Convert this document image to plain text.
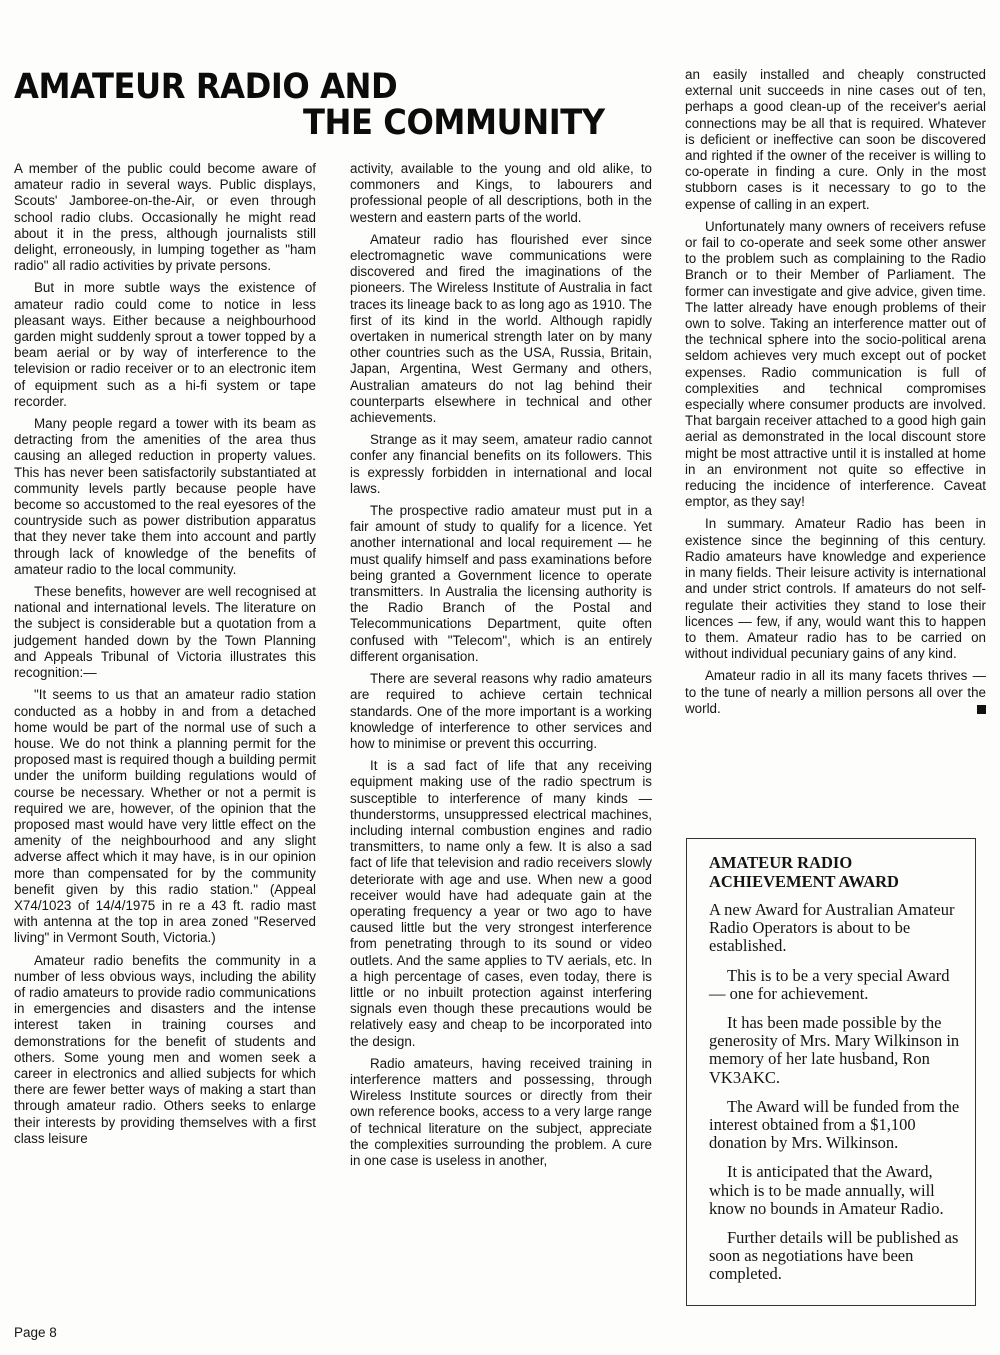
AMATEUR RADIO AND
THE COMMUNITY

A member of the public could become aware of amateur radio in several ways. Public displays, Scouts' Jamboree-on-the-Air, or even through school radio clubs. Occasionally he might read about it in the press, although journalists still delight, erroneously, in lumping together as "ham radio" all radio activities by private persons.

But in more subtle ways the existence of amateur radio could come to notice in less pleasant ways. Either because a neighbourhood garden might suddenly sprout a tower topped by a beam aerial or by way of interference to the television or radio receiver or to an electronic item of equipment such as a hi-fi system or tape recorder.

Many people regard a tower with its beam as detracting from the amenities of the area thus causing an alleged reduction in property values. This has never been satisfactorily substantiated at community levels partly because people have become so accustomed to the real eyesores of the countryside such as power distribution apparatus that they never take them into account and partly through lack of knowledge of the benefits of amateur radio to the local community.

These benefits, however are well recognised at national and international levels. The literature on the subject is considerable but a quotation from a judgement handed down by the Town Planning and Appeals Tribunal of Victoria illustrates this recognition:—

"It seems to us that an amateur radio station conducted as a hobby in and from a detached home would be part of the normal use of such a house. We do not think a planning permit for the proposed mast is required though a building permit under the uniform building regulations would of course be necessary. Whether or not a permit is required we are, however, of the opinion that the proposed mast would have very little effect on the amenity of the neighbourhood and any slight adverse affect which it may have, is in our opinion more than compensated for by the community benefit given by this radio station." (Appeal X74/1023 of 14/4/1975 in re a 43 ft. radio mast with antenna at the top in area zoned "Reserved living" in Vermont South, Victoria.)

Amateur radio benefits the community in a number of less obvious ways, including the ability of radio amateurs to provide radio communications in emergencies and disasters and the intense interest taken in training courses and demonstrations for the benefit of students and others. Some young men and women seek a career in electronics and allied subjects for which there are fewer better ways of making a start than through amateur radio. Others seeks to enlarge their interests by providing themselves with a first class leisure

activity, available to the young and old alike, to commoners and Kings, to labourers and professional people of all descriptions, both in the western and eastern parts of the world.

Amateur radio has flourished ever since electromagnetic wave communications were discovered and fired the imaginations of the pioneers. The Wireless Institute of Australia in fact traces its lineage back to as long ago as 1910. The first of its kind in the world. Although rapidly overtaken in numerical strength later on by many other countries such as the USA, Russia, Britain, Japan, Argentina, West Germany and others, Australian amateurs do not lag behind their counterparts elsewhere in technical and other achievements.

Strange as it may seem, amateur radio cannot confer any financial benefits on its followers. This is expressly forbidden in international and local laws.

The prospective radio amateur must put in a fair amount of study to qualify for a licence. Yet another international and local requirement — he must qualify himself and pass examinations before being granted a Government licence to operate transmitters. In Australia the licensing authority is the Radio Branch of the Postal and Telecommunications Department, quite often confused with "Telecom", which is an entirely different organisation.

There are several reasons why radio amateurs are required to achieve certain technical standards. One of the more important is a working knowledge of interference to other services and how to minimise or prevent this occurring.

It is a sad fact of life that any receiving equipment making use of the radio spectrum is susceptible to interference of many kinds — thunderstorms, unsuppressed electrical machines, including internal combustion engines and radio transmitters, to name only a few. It is also a sad fact of life that television and radio receivers slowly deteriorate with age and use. When new a good receiver would have had adequate gain at the operating frequency a year or two ago to have caused little but the very strongest interference from penetrating through to its sound or video outlets. And the same applies to TV aerials, etc. In a high percentage of cases, even today, there is little or no inbuilt protection against interfering signals even though these precautions would be relatively easy and cheap to be incorporated into the design.

Radio amateurs, having received training in interference matters and possessing, through Wireless Institute sources or directly from their own reference books, access to a very large range of technical literature on the subject, appreciate the complexities surrounding the problem. A cure in one case is useless in another,

an easily installed and cheaply constructed external unit succeeds in nine cases out of ten, perhaps a good clean-up of the receiver's aerial connections may be all that is required. Whatever is deficient or ineffective can soon be discovered and righted if the owner of the receiver is willing to co-operate in finding a cure. Only in the most stubborn cases is it necessary to go to the expense of calling in an expert.

Unfortunately many owners of receivers refuse or fail to co-operate and seek some other answer to the problem such as complaining to the Radio Branch or to their Member of Parliament. The former can investigate and give advice, given time. The latter already have enough problems of their own to solve. Taking an interference matter out of the technical sphere into the socio-political arena seldom achieves very much except out of pocket expenses. Radio communication is full of complexities and technical compromises especially where consumer products are involved. That bargain receiver attached to a good high gain aerial as demonstrated in the local discount store might be most attractive until it is installed at home in an environment not quite so effective in reducing the incidence of interference. Caveat emptor, as they say!

In summary. Amateur Radio has been in existence since the beginning of this century. Radio amateurs have knowledge and experience in many fields. Their leisure activity is international and under strict controls. If amateurs do not self-regulate their activities they stand to lose their licences — few, if any, would want this to happen to them. Amateur radio has to be carried on without individual pecuniary gains of any kind.

Amateur radio in all its many facets thrives — to the tune of nearly a million persons all over the world.

AMATEUR RADIO
ACHIEVEMENT AWARD

A new Award for Australian Amateur Radio Operators is about to be established.

This is to be a very special Award — one for achievement.

It has been made possible by the generosity of Mrs. Mary Wilkinson in memory of her late husband, Ron VK3AKC.

The Award will be funded from the interest obtained from a $1,100 donation by Mrs. Wilkinson.

It is anticipated that the Award, which is to be made annually, will know no bounds in Amateur Radio.

Further details will be published as soon as negotiations have been completed.

Page 8
